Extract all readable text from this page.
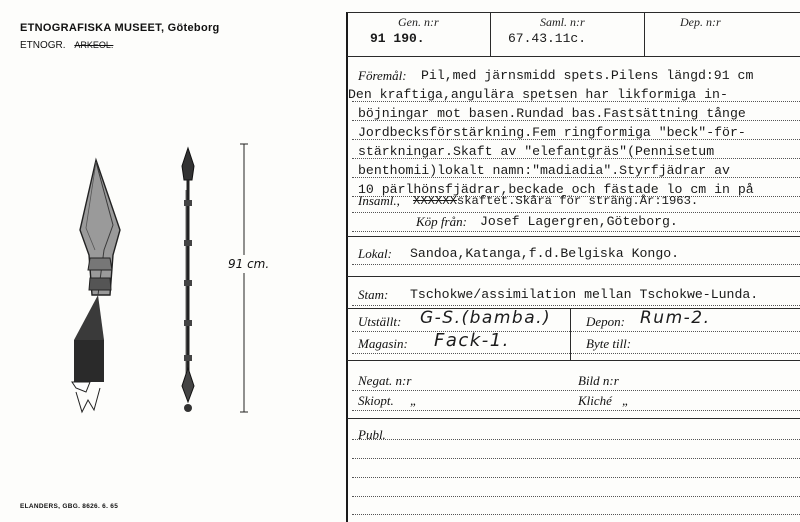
ETNOGRAFISKA MUSEET, Göteborg
ETNOGR. ARKEOL.
91 cm.
ELANDERS, GBG. 8626. 6. 65
Gen. n:r
91 190.
Saml. n:r
67.43.11c.
Dep. n:r
Föremål: Pil,med järnsmidd spets.Pilens längd:91 cm
Den kraftiga,angulära spetsen har likformiga in-
böjningar mot basen.Rundad bas.Fastsättning tånge
Jordbecksförstärkning.Fem ringformiga "beck"-för-
stärkningar.Skaft av "elefantgräs"(Pennisetum
benthomii)lokalt namn:"madiadia".Styrfjädrar av
10 pärlhönsfjädrar,beckade och fästade lo cm in på
Insaml., XXXXXXskaftet.Skåra för sträng.År:1963.
Köp från: Josef Lagergren,Göteborg.
Lokal: Sandoa,Katanga,f.d.Belgiska Kongo.
Stam: Tschokwe/assimilation mellan Tschokwe-Lunda.
Utställt: G-S.(bamba.)	Depon: Rum-2.
Magasin: Fack-1.	Byte till:
Negat. n:r	Bild n:r
Skiopt. „	Kliché „
Publ.
